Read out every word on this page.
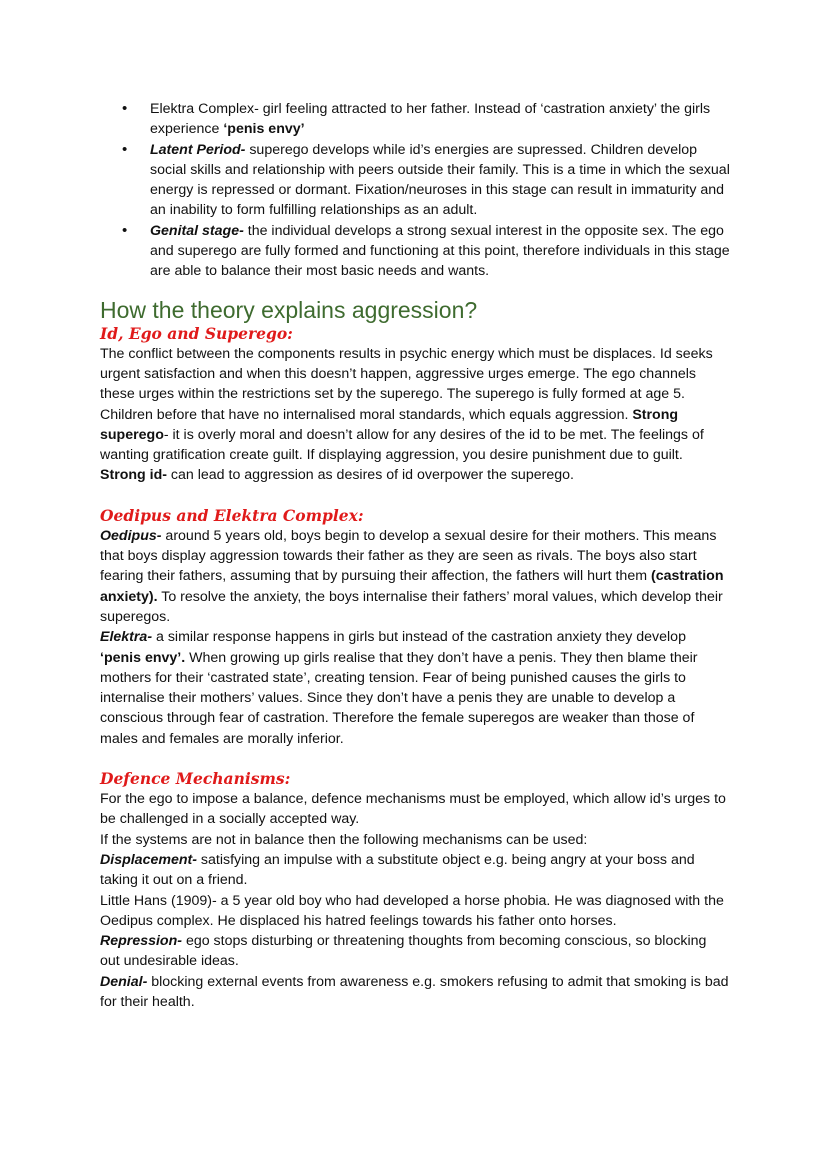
• Elektra Complex- girl feeling attracted to her father. Instead of ‘castration anxiety’ the girls experience ‘penis envy’
• Latent Period- superego develops while id’s energies are supressed. Children develop social skills and relationship with peers outside their family. This is a time in which the sexual energy is repressed or dormant. Fixation/neuroses in this stage can result in immaturity and an inability to form fulfilling relationships as an adult.
• Genital stage- the individual develops a strong sexual interest in the opposite sex. The ego and superego are fully formed and functioning at this point, therefore individuals in this stage are able to balance their most basic needs and wants.
How the theory explains aggression?
Id, Ego and Superego:

The conflict between the components results in psychic energy which must be displaces. Id seeks urgent satisfaction and when this doesn’t happen, aggressive urges emerge. The ego channels these urges within the restrictions set by the superego. The superego is fully formed at age 5. Children before that have no internalised moral standards, which equals aggression. Strong superego- it is overly moral and doesn’t allow for any desires of the id to be met. The feelings of wanting gratification create guilt. If displaying aggression, you desire punishment due to guilt. Strong id- can lead to aggression as desires of id overpower the superego.

Oedipus and Elektra Complex:

Oedipus- around 5 years old, boys begin to develop a sexual desire for their mothers. This means that boys display aggression towards their father as they are seen as rivals. The boys also start fearing their fathers, assuming that by pursuing their affection, the fathers will hurt them (castration anxiety). To resolve the anxiety, the boys internalise their fathers’ moral values, which develop their superegos.

Elektra- a similar response happens in girls but instead of the castration anxiety they develop ‘penis envy’. When growing up girls realise that they don’t have a penis. They then blame their mothers for their ‘castrated state’, creating tension. Fear of being punished causes the girls to internalise their mothers’ values. Since they don’t have a penis they are unable to develop a conscious through fear of castration. Therefore the female superegos are weaker than those of males and females are morally inferior.

Defence Mechanisms:

For the ego to impose a balance, defence mechanisms must be employed, which allow id’s urges to be challenged in a socially accepted way.

If the systems are not in balance then the following mechanisms can be used:

Displacement- satisfying an impulse with a substitute object e.g. being angry at your boss and taking it out on a friend.

Little Hans (1909)- a 5 year old boy who had developed a horse phobia. He was diagnosed with the Oedipus complex. He displaced his hatred feelings towards his father onto horses.

Repression- ego stops disturbing or threatening thoughts from becoming conscious, so blocking out undesirable ideas.

Denial- blocking external events from awareness e.g. smokers refusing to admit that smoking is bad for their health.
